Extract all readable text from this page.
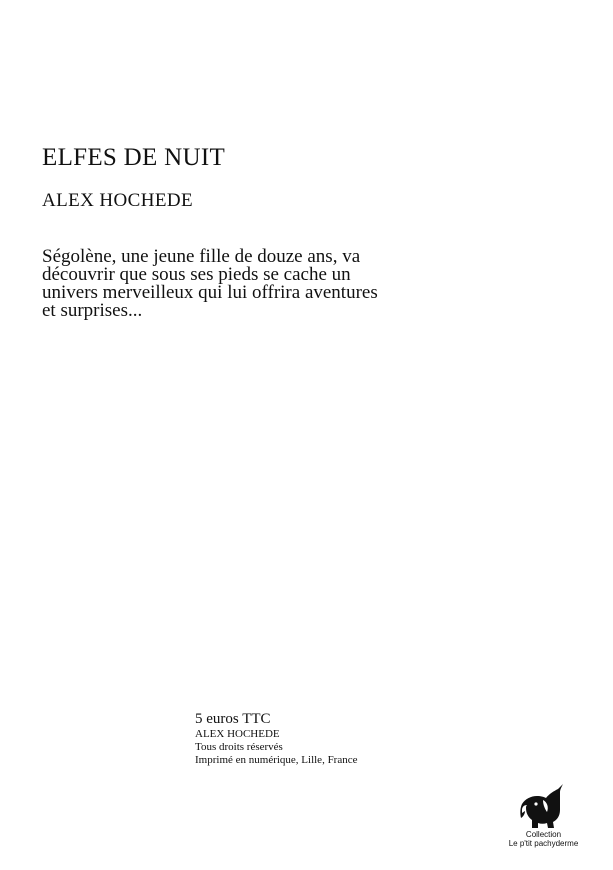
ELFES DE NUIT
ALEX HOCHEDE

Ségolène, une jeune fille de douze ans, va
découvrir que sous ses pieds se cache un
univers merveilleux qui lui offrira aventures
et surprises...

5 euros TTC
ALEX HOCHEDE
Tous droits réservés
Imprimé en numérique, Lille, France
Collection
Le p'tit pachyderme
